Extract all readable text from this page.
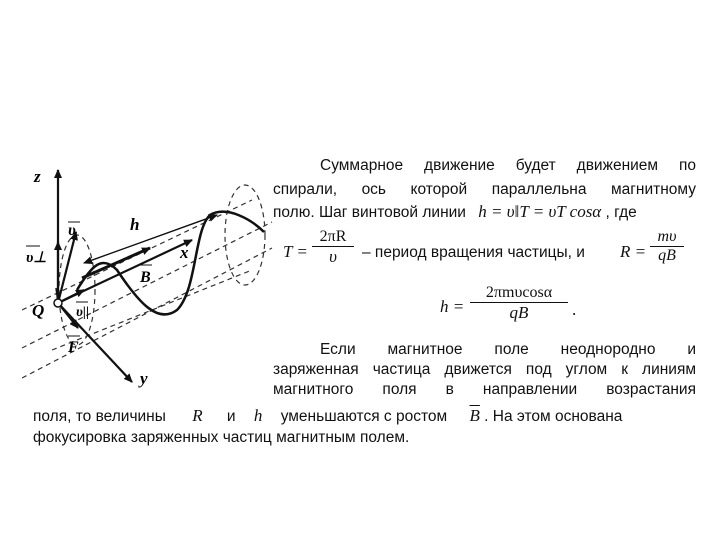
z
υ
υ⊥
h
x
B
Q υ||
F
y
Суммарное движение будет движением по
спирали, ось которой параллельна магнитному
полю. Шаг винтовой линии h = υ‖T = υT cosα , где
$T = \frac{2\pi R}{\upsilon}$ – период вращения частицы, и $R = \frac{m\upsilon}{qB}$
h =
2πmυcosα
qB	.
Если магнитное поле неоднородно и
заряженная частица движется под углом к линиям
магнитного поля в направлении возрастания
поля, то величины R и h уменьшаются с ростом $\overline{B}$ . На этом основана
фокусировка заряженных частиц магнитным полем.
